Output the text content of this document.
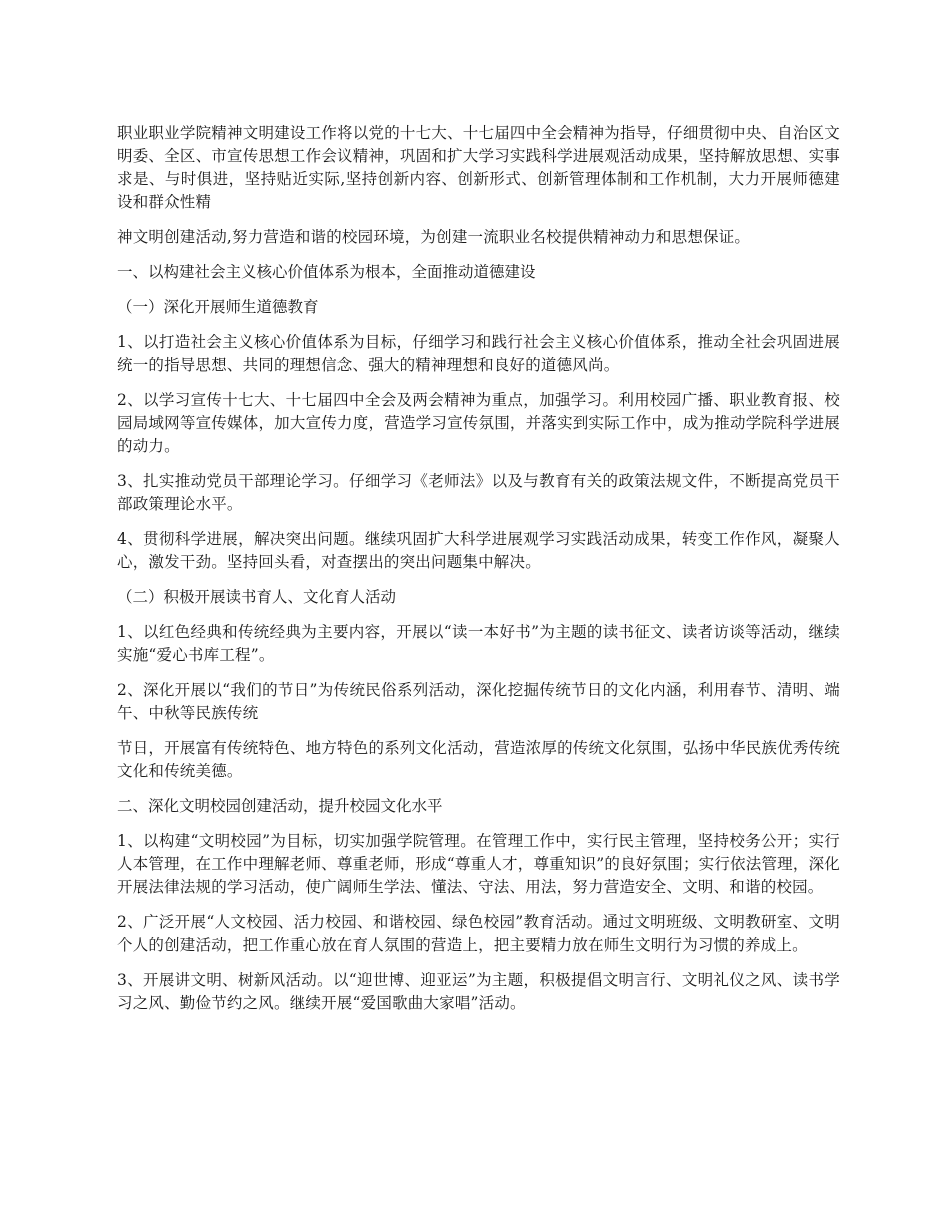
职业职业学院精神文明建设工作将以党的十七大、十七届四中全会精神为指导，仔细贯彻中央、自治区文明委、全区、市宣传思想工作会议精神，巩固和扩大学习实践科学进展观活动成果，坚持解放思想、实事求是、与时俱进，坚持贴近实际,坚持创新内容、创新形式、创新管理体制和工作机制，大力开展师德建设和群众性精

神文明创建活动,努力营造和谐的校园环境，为创建一流职业名校提供精神动力和思想保证。

一、以构建社会主义核心价值体系为根本，全面推动道德建设

（一）深化开展师生道德教育

1、以打造社会主义核心价值体系为目标，仔细学习和践行社会主义核心价值体系，推动全社会巩固进展统一的指导思想、共同的理想信念、强大的精神理想和良好的道德风尚。

2、以学习宣传十七大、十七届四中全会及两会精神为重点，加强学习。利用校园广播、职业教育报、校园局域网等宣传媒体，加大宣传力度，营造学习宣传氛围，并落实到实际工作中，成为推动学院科学进展的动力。

3、扎实推动党员干部理论学习。仔细学习《老师法》以及与教育有关的政策法规文件，不断提高党员干部政策理论水平。

4、贯彻科学进展，解决突出问题。继续巩固扩大科学进展观学习实践活动成果，转变工作作风，凝聚人心，激发干劲。坚持回头看，对查摆出的突出问题集中解决。

（二）积极开展读书育人、文化育人活动

1、以红色经典和传统经典为主要内容，开展以“读一本好书”为主题的读书征文、读者访谈等活动，继续实施“爱心书库工程”。

2、深化开展以“我们的节日”为传统民俗系列活动，深化挖掘传统节日的文化内涵，利用春节、清明、端午、中秋等民族传统

节日，开展富有传统特色、地方特色的系列文化活动，营造浓厚的传统文化氛围，弘扬中华民族优秀传统文化和传统美德。

二、深化文明校园创建活动，提升校园文化水平

1、以构建“文明校园”为目标，切实加强学院管理。在管理工作中，实行民主管理，坚持校务公开；实行人本管理，在工作中理解老师、尊重老师，形成“尊重人才，尊重知识”的良好氛围；实行依法管理，深化开展法律法规的学习活动，使广阔师生学法、懂法、守法、用法，努力营造安全、文明、和谐的校园。

2、广泛开展“人文校园、活力校园、和谐校园、绿色校园”教育活动。通过文明班级、文明教研室、文明个人的创建活动，把工作重心放在育人氛围的营造上，把主要精力放在师生文明行为习惯的养成上。

3、开展讲文明、树新风活动。以“迎世博、迎亚运”为主题，积极提倡文明言行、文明礼仪之风、读书学习之风、勤俭节约之风。继续开展“爱国歌曲大家唱”活动。
